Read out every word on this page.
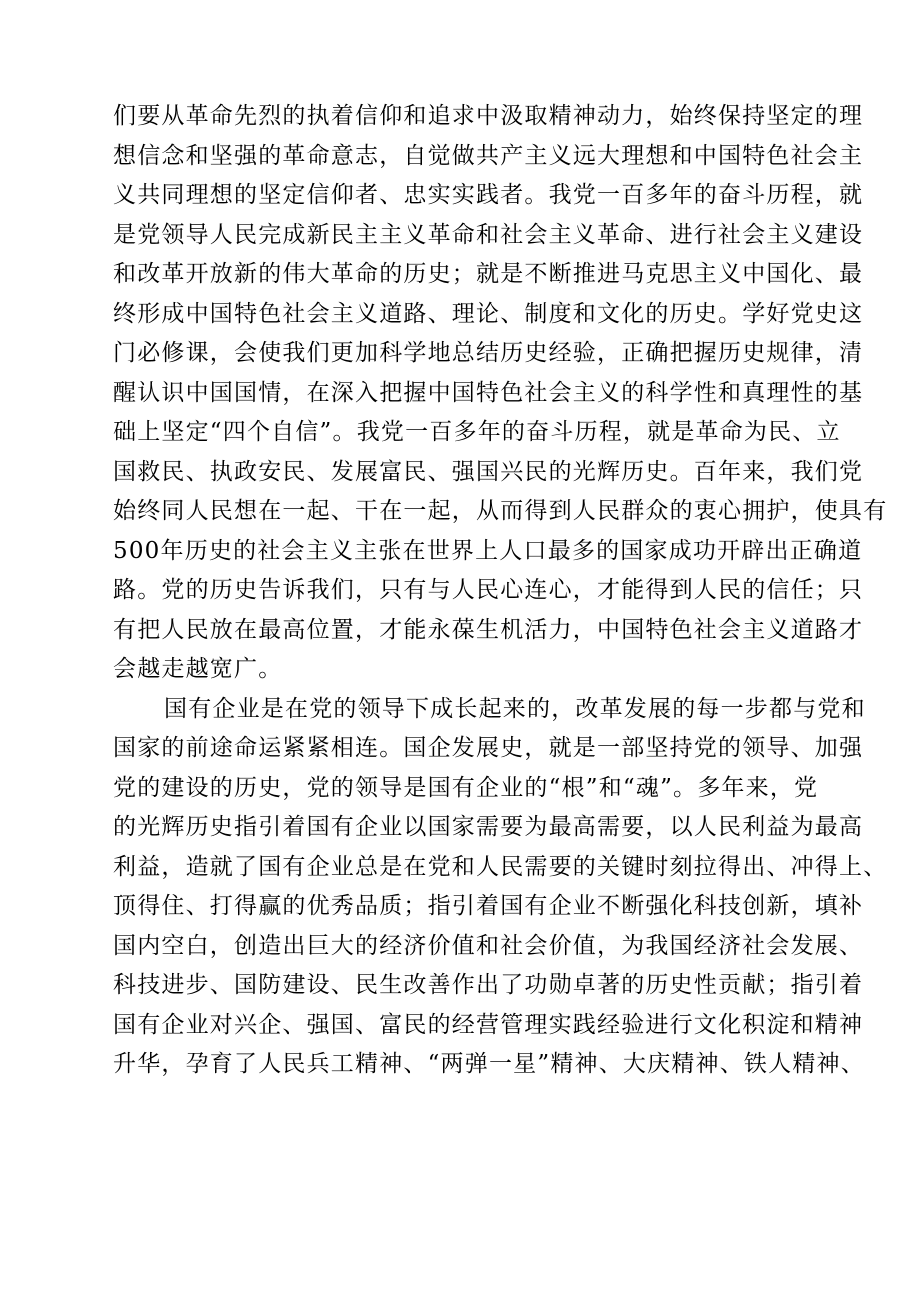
们要从革命先烈的执着信仰和追求中汲取精神动力，始终保持坚定的理
想信念和坚强的革命意志，自觉做共产主义远大理想和中国特色社会主
义共同理想的坚定信仰者、忠实实践者。我党一百多年的奋斗历程，就
是党领导人民完成新民主主义革命和社会主义革命、进行社会主义建设
和改革开放新的伟大革命的历史；就是不断推进马克思主义中国化、最
终形成中国特色社会主义道路、理论、制度和文化的历史。学好党史这
门必修课，会使我们更加科学地总结历史经验，正确把握历史规律，清
醒认识中国国情，在深入把握中国特色社会主义的科学性和真理性的基
础上坚定“四个自信”。我党一百多年的奋斗历程，就是革命为民、立
国救民、执政安民、发展富民、强国兴民的光辉历史。百年来，我们党
始终同人民想在一起、干在一起，从而得到人民群众的衷心拥护，使具有
500年历史的社会主义主张在世界上人口最多的国家成功开辟出正确道
路。党的历史告诉我们，只有与人民心连心，才能得到人民的信任；只
有把人民放在最高位置，才能永葆生机活力，中国特色社会主义道路才
会越走越宽广。
国有企业是在党的领导下成长起来的，改革发展的每一步都与党和
国家的前途命运紧紧相连。国企发展史，就是一部坚持党的领导、加强
党的建设的历史，党的领导是国有企业的“根”和“魂”。多年来，党
的光辉历史指引着国有企业以国家需要为最高需要，以人民利益为最高
利益，造就了国有企业总是在党和人民需要的关键时刻拉得出、冲得上、
顶得住、打得赢的优秀品质；指引着国有企业不断强化科技创新，填补
国内空白，创造出巨大的经济价值和社会价值，为我国经济社会发展、
科技进步、国防建设、民生改善作出了功勋卓著的历史性贡献；指引着
国有企业对兴企、强国、富民的经营管理实践经验进行文化积淀和精神
升华，孕育了人民兵工精神、“两弹一星”精神、大庆精神、铁人精神、
